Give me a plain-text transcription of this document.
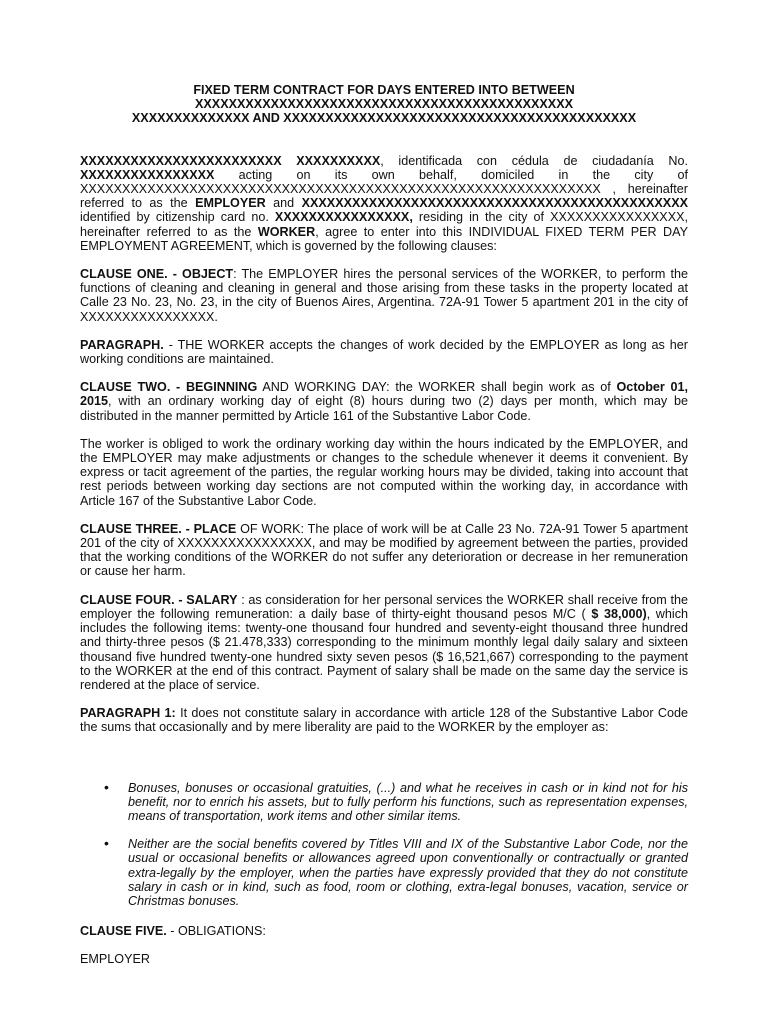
FIXED TERM CONTRACT FOR DAYS ENTERED INTO BETWEEN
XXXXXXXXXXXXXXXXXXXXXXXXXXXXXXXXXXXXXXXXXXXXX
XXXXXXXXXXXXXX AND XXXXXXXXXXXXXXXXXXXXXXXXXXXXXXXXXXXXXXXXXX

XXXXXXXXXXXXXXXXXXXXXXXX XXXXXXXXXX, identificada con cédula de ciudadanía No. XXXXXXXXXXXXXXXX acting on its own behalf, domiciled in the city of XXXXXXXXXXXXXXXXXXXXXXXXXXXXXXXXXXXXXXXXXXXXXXXXXXXXXXXXXXXXXX , hereinafter referred to as the EMPLOYER and XXXXXXXXXXXXXXXXXXXXXXXXXXXXXXXXXXXXXXXXXXXXXX identified by citizenship card no. XXXXXXXXXXXXXXXX, residing in the city of XXXXXXXXXXXXXXXX, hereinafter referred to as the WORKER, agree to enter into this INDIVIDUAL FIXED TERM PER DAY EMPLOYMENT AGREEMENT, which is governed by the following clauses:

CLAUSE ONE. - OBJECT: The EMPLOYER hires the personal services of the WORKER, to perform the functions of cleaning and cleaning in general and those arising from these tasks in the property located at Calle 23 No. 23, No. 23, in the city of Buenos Aires, Argentina. 72A-91 Tower 5 apartment 201 in the city of XXXXXXXXXXXXXXXX.

PARAGRAPH. - THE WORKER accepts the changes of work decided by the EMPLOYER as long as her working conditions are maintained.

CLAUSE TWO. - BEGINNING AND WORKING DAY: the WORKER shall begin work as of October 01, 2015, with an ordinary working day of eight (8) hours during two (2) days per month, which may be distributed in the manner permitted by Article 161 of the Substantive Labor Code.

The worker is obliged to work the ordinary working day within the hours indicated by the EMPLOYER, and the EMPLOYER may make adjustments or changes to the schedule whenever it deems it convenient. By express or tacit agreement of the parties, the regular working hours may be divided, taking into account that rest periods between working day sections are not computed within the working day, in accordance with Article 167 of the Substantive Labor Code.

CLAUSE THREE. - PLACE OF WORK: The place of work will be at Calle 23 No. 72A-91 Tower 5 apartment 201 of the city of XXXXXXXXXXXXXXXX, and may be modified by agreement between the parties, provided that the working conditions of the WORKER do not suffer any deterioration or decrease in her remuneration or cause her harm.

CLAUSE FOUR. - SALARY : as consideration for her personal services the WORKER shall receive from the employer the following remuneration: a daily base of thirty-eight thousand pesos M/C ( $ 38,000), which includes the following items: twenty-one thousand four hundred and seventy-eight thousand three hundred and thirty-three pesos ($ 21.478,333) corresponding to the minimum monthly legal daily salary and sixteen thousand five hundred twenty-one hundred sixty seven pesos ($ 16,521,667) corresponding to the payment to the WORKER at the end of this contract. Payment of salary shall be made on the same day the service is rendered at the place of service.

PARAGRAPH 1: It does not constitute salary in accordance with article 128 of the Substantive Labor Code the sums that occasionally and by mere liberality are paid to the WORKER by the employer as:

• Bonuses, bonuses or occasional gratuities, (...) and what he receives in cash or in kind not for his benefit, nor to enrich his assets, but to fully perform his functions, such as representation expenses, means of transportation, work items and other similar items.
• Neither are the social benefits covered by Titles VIII and IX of the Substantive Labor Code, nor the usual or occasional benefits or allowances agreed upon conventionally or contractually or granted extra-legally by the employer, when the parties have expressly provided that they do not constitute salary in cash or in kind, such as food, room or clothing, extra-legal bonuses, vacation, service or Christmas bonuses.

CLAUSE FIVE. - OBLIGATIONS:

EMPLOYER
